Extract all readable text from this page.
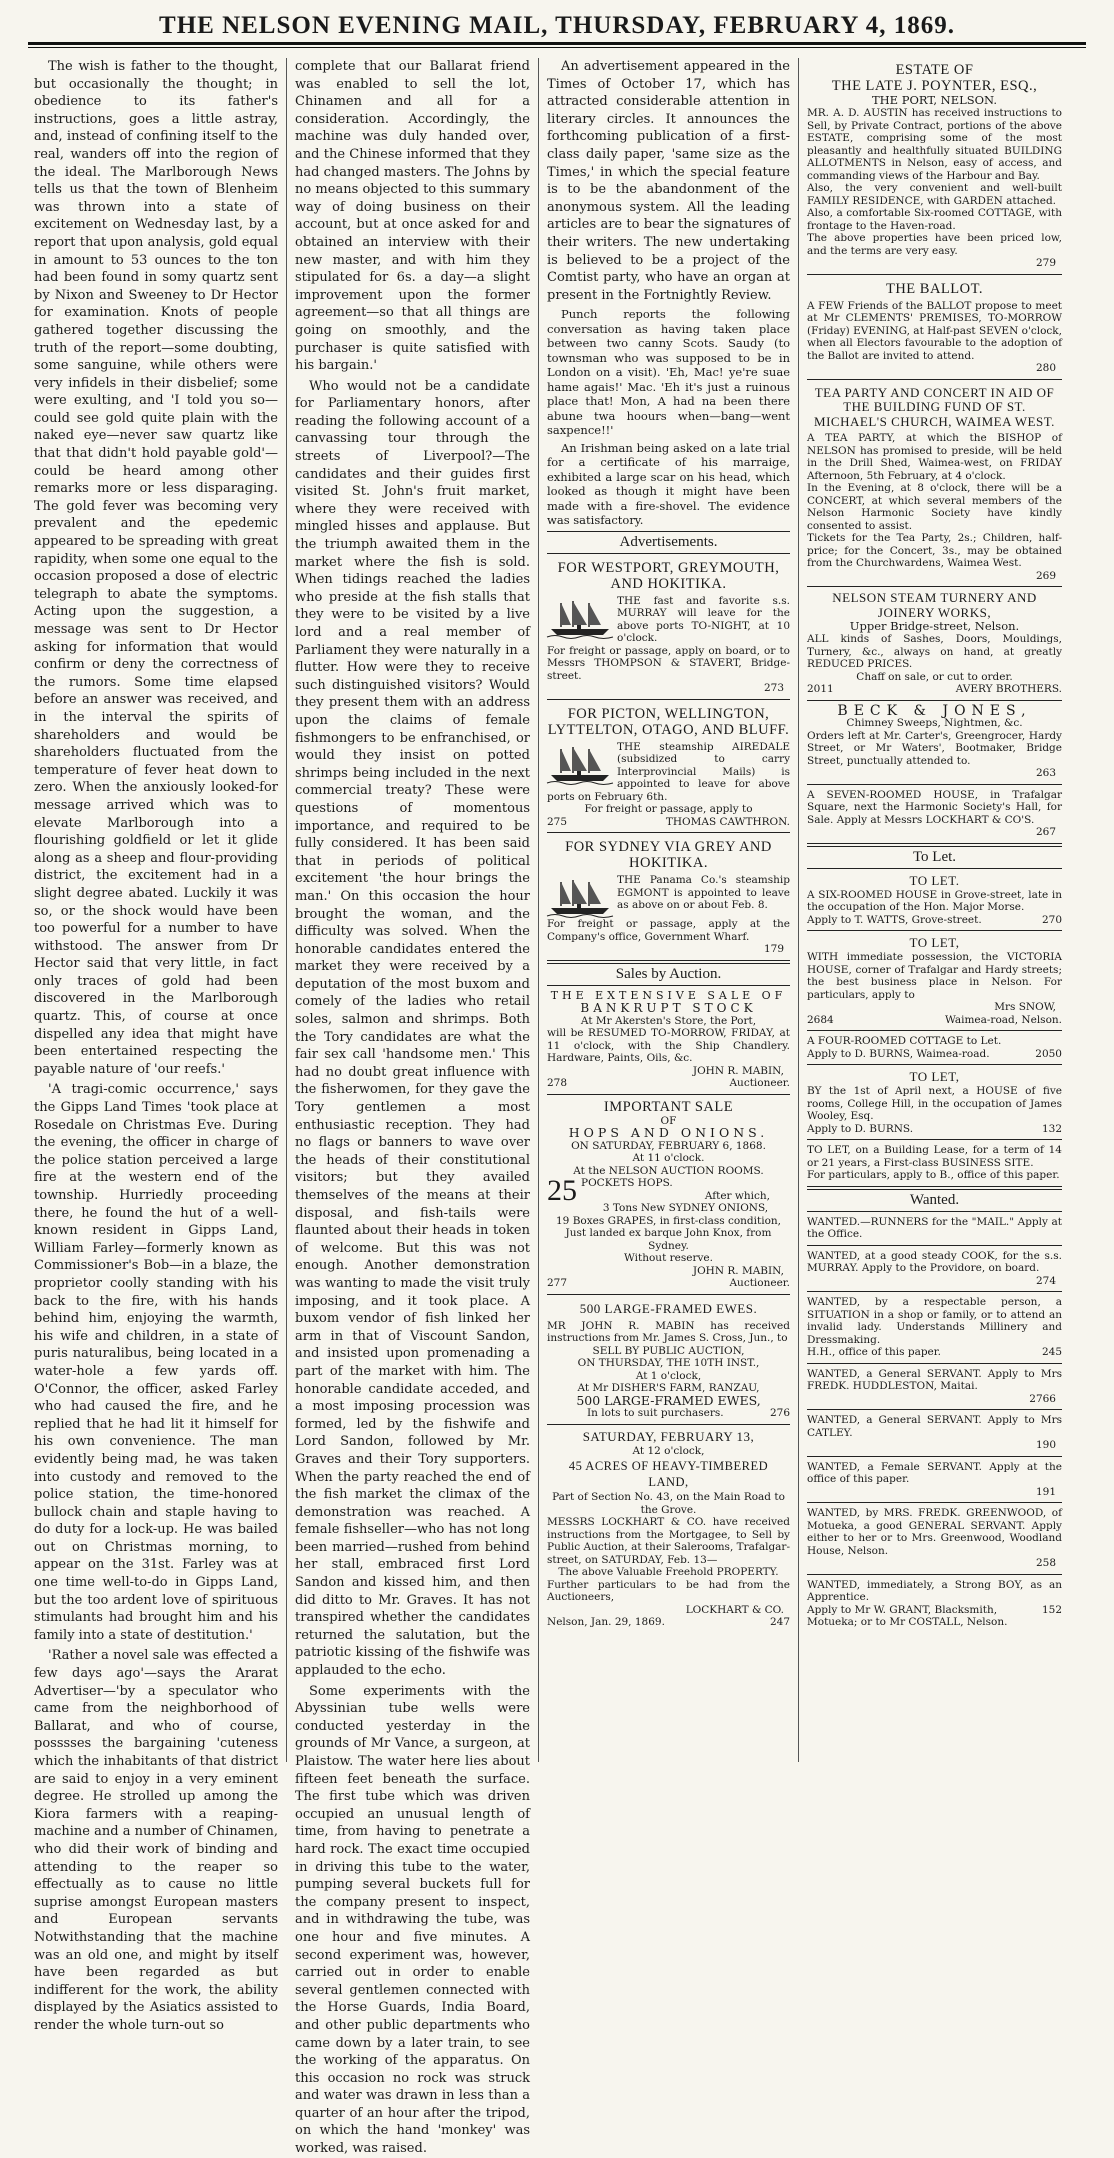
THE NELSON EVENING MAIL, THURSDAY, FEBRUARY 4, 1869.

The wish is father to the thought, but occasionally the thought; in obedience to its father's instructions, goes a little astray, and, instead of confining itself to the real, wanders off into the region of the ideal. The Marlborough News tells us that the town of Blenheim was thrown into a state of excitement on Wednesday last, by a report that upon analysis, gold equal in amount to 53 ounces to the ton had been found in somy quartz sent by Nixon and Sweeney to Dr Hector for examination. Knots of people gathered together discussing the truth of the report—some doubting, some sanguine, while others were very infidels in their disbelief; some were exulting, and 'I told you so—could see gold quite plain with the naked eye—never saw quartz like that that didn't hold payable gold'—could be heard among other remarks more or less disparaging. The gold fever was becoming very prevalent and the epedemic appeared to be spreading with great rapidity, when some one equal to the occasion proposed a dose of electric telegraph to abate the symptoms. Acting upon the suggestion, a message was sent to Dr Hector asking for information that would confirm or deny the correctness of the rumors. Some time elapsed before an answer was received, and in the interval the spirits of shareholders and would be shareholders fluctuated from the temperature of fever heat down to zero. When the anxiously looked-for message arrived which was to elevate Marlborough into a flourishing goldfield or let it glide along as a sheep and flour-providing district, the excitement had in a slight degree abated. Luckily it was so, or the shock would have been too powerful for a number to have withstood. The answer from Dr Hector said that very little, in fact only traces of gold had been discovered in the Marlborough quartz. This, of course at once dispelled any idea that might have been entertained respecting the payable nature of 'our reefs.'

'A tragi-comic occurrence,' says the Gipps Land Times 'took place at Rosedale on Christmas Eve. During the evening, the officer in charge of the police station perceived a large fire at the western end of the township. Hurriedly proceeding there, he found the hut of a well-known resident in Gipps Land, William Farley—formerly known as Commissioner's Bob—in a blaze, the proprietor coolly standing with his back to the fire, with his hands behind him, enjoying the warmth, his wife and children, in a state of puris naturalibus, being located in a water-hole a few yards off. O'Connor, the officer, asked Farley who had caused the fire, and he replied that he had lit it himself for his own convenience. The man evidently being mad, he was taken into custody and removed to the police station, the time-honored bullock chain and staple having to do duty for a lock-up. He was bailed out on Christmas morning, to appear on the 31st. Farley was at one time well-to-do in Gipps Land, but the too ardent love of spirituous stimulants had brought him and his family into a state of destitution.'

'Rather a novel sale was effected a few days ago'—says the Ararat Advertiser—'by a speculator who came from the neighborhood of Ballarat, and who of course, posssses the bargaining 'cuteness which the inhabitants of that district are said to enjoy in a very eminent degree. He strolled up among the Kiora farmers with a reaping-machine and a number of Chinamen, who did their work of binding and attending to the reaper so effectually as to cause no little suprise amongst European masters and European servants Notwithstanding that the machine was an old one, and might by itself have been regarded as but indifferent for the work, the ability displayed by the Asiatics assisted to render the whole turn-out so

complete that our Ballarat friend was enabled to sell the lot, Chinamen and all for a consideration. Accordingly, the machine was duly handed over, and the Chinese informed that they had changed masters. The Johns by no means objected to this summary way of doing business on their account, but at once asked for and obtained an interview with their new master, and with him they stipulated for 6s. a day—a slight improvement upon the former agreement—so that all things are going on smoothly, and the purchaser is quite satisfied with his bargain.'

Who would not be a candidate for Parliamentary honors, after reading the following account of a canvassing tour through the streets of Liverpool?—The candidates and their guides first visited St. John's fruit market, where they were received with mingled hisses and applause. But the triumph awaited them in the market where the fish is sold. When tidings reached the ladies who preside at the fish stalls that they were to be visited by a live lord and a real member of Parliament they were naturally in a flutter. How were they to receive such distinguished visitors? Would they present them with an address upon the claims of female fishmongers to be enfranchised, or would they insist on potted shrimps being included in the next commercial treaty? These were questions of momentous importance, and required to be fully considered. It has been said that in periods of political excitement 'the hour brings the man.' On this occasion the hour brought the woman, and the difficulty was solved. When the honorable candidates entered the market they were received by a deputation of the most buxom and comely of the ladies who retail soles, salmon and shrimps. Both the Tory candidates are what the fair sex call 'handsome men.' This had no doubt great influence with the fisherwomen, for they gave the Tory gentlemen a most enthusiastic reception. They had no flags or banners to wave over the heads of their constitutional visitors; but they availed themselves of the means at their disposal, and fish-tails were flaunted about their heads in token of welcome. But this was not enough. Another demonstration was wanting to made the visit truly imposing, and it took place. A buxom vendor of fish linked her arm in that of Viscount Sandon, and insisted upon promenading a part of the market with him. The honorable candidate acceded, and a most imposing procession was formed, led by the fishwife and Lord Sandon, followed by Mr. Graves and their Tory supporters. When the party reached the end of the fish market the climax of the demonstration was reached. A female fishseller—who has not long been married—rushed from behind her stall, embraced first Lord Sandon and kissed him, and then did ditto to Mr. Graves. It has not transpired whether the candidates returned the salutation, but the patriotic kissing of the fishwife was applauded to the echo.

Some experiments with the Abyssinian tube wells were conducted yesterday in the grounds of Mr Vance, a surgeon, at Plaistow. The water here lies about fifteen feet beneath the surface. The first tube which was driven occupied an unusual length of time, from having to penetrate a hard rock. The exact time occupied in driving this tube to the water, pumping several buckets full for the company present to inspect, and in withdrawing the tube, was one hour and five minutes. A second experiment was, however, carried out in order to enable several gentlemen connected with the Horse Guards, India Board, and other public departments who came down by a later train, to see the working of the apparatus. On this occasion no rock was struck and water was drawn in less than a quarter of an hour after the tripod, on which the hand 'monkey' was worked, was raised.

An advertisement appeared in the Times of October 17, which has attracted considerable attention in literary circles. It announces the forthcoming publication of a first-class daily paper, 'same size as the Times,' in which the special feature is to be the abandonment of the anonymous system. All the leading articles are to bear the signatures of their writers. The new undertaking is believed to be a project of the Comtist party, who have an organ at present in the Fortnightly Review.

Punch reports the following conversation as having taken place between two canny Scots. Saudy (to townsman who was supposed to be in London on a visit). 'Eh, Mac! ye're suae hame agais!' Mac. 'Eh it's just a ruinous place that! Mon, A had na been there abune twa hoours when—bang—went saxpence!!'

An Irishman being asked on a late trial for a certificate of his marraige, exhibited a large scar on his head, which looked as though it might have been made with a fire-shovel. The evidence was satisfactory.

Advertisements.
FOR WESTPORT, GREYMOUTH, AND HOKITIKA.

THE fast and favorite s.s. MURRAY will leave for the above ports TO-NIGHT, at 10 o'clock.

For freight or passage, apply on board, or to Messrs THOMPSON & STAVERT, Bridge-street.

273
FOR PICTON, WELLINGTON, LYTTELTON, OTAGO, AND BLUFF.

THE steamship AIREDALE (subsidized to carry Interprovincial Mails) is appointed to leave for above ports on February 6th.

For freight or passage, apply to

275	THOMAS CAWTHRON.
FOR SYDNEY VIA GREY AND HOKITIKA.

THE Panama Co.'s steamship EGMONT is appointed to leave as above on or about Feb. 8.

For freight or passage, apply at the Company's office, Government Wharf.

179
Sales by Auction.
THE EXTENSIVE SALE OF
BANKRUPT STOCK
At Mr Akersten's Store, the Port,

will be RESUMED TO-MORROW, FRIDAY, at 11 o'clock, with the Ship Chandlery. Hardware, Paints, Oils, &c.

JOHN R. MABIN,
278	Auctioneer.
IMPORTANT SALE
OF
HOPS AND ONIONS.
ON SATURDAY, FEBRUARY 6, 1868.
At 11 o'clock.
At the NELSON AUCTION ROOMS.
25 POCKETS HOPS.
After which,
3 Tons New SYDNEY ONIONS,
19 Boxes GRAPES, in first-class condition,
Just landed ex barque John Knox, from Sydney.
Without reserve.
JOHN R. MABIN,
277	Auctioneer.
500 LARGE-FRAMED EWES.

MR JOHN R. MABIN has received instructions from Mr. James S. Cross, Jun., to

SELL BY PUBLIC AUCTION,
ON THURSDAY, THE 10TH INST.,
At 1 o'clock,
At Mr DISHER'S FARM, RANZAU,
500 LARGE-FRAMED EWES,
In lots to suit purchasers.	276
SATURDAY, FEBRUARY 13,
At 12 o'clock,
45 ACRES OF HEAVY-TIMBERED LAND,
Part of Section No. 43, on the Main Road to the Grove.

MESSRS LOCKHART & CO. have received instructions from the Mortgagee, to Sell by Public Auction, at their Salerooms, Trafalgar-street, on SATURDAY, Feb. 13—

The above Valuable Freehold PROPERTY.

Further particulars to be had from the Auctioneers,

LOCKHART & CO.
Nelson, Jan. 29, 1869.	247
ESTATE OF
THE LATE J. POYNTER, ESQ.,
THE PORT, NELSON.

MR. A. D. AUSTIN has received instructions to Sell, by Private Contract, portions of the above ESTATE, comprising some of the most pleasantly and healthfully situated BUILDING ALLOTMENTS in Nelson, easy of access, and commanding views of the Harbour and Bay.

Also, the very convenient and well-built FAMILY RESIDENCE, with GARDEN attached.

Also, a comfortable Six-roomed COTTAGE, with frontage to the Haven-road.

The above properties have been priced low, and the terms are very easy.

279
THE BALLOT.

A FEW Friends of the BALLOT propose to meet at Mr CLEMENTS' PREMISES, TO-MORROW (Friday) EVENING, at Half-past SEVEN o'clock, when all Electors favourable to the adoption of the Ballot are invited to attend.

280
TEA PARTY AND CONCERT IN AID OF THE BUILDING FUND OF ST. MICHAEL'S CHURCH, WAIMEA WEST.

A TEA PARTY, at which the BISHOP of NELSON has promised to preside, will be held in the Drill Shed, Waimea-west, on FRIDAY Afternoon, 5th February, at 4 o'clock.

In the Evening, at 8 o'clock, there will be a CONCERT, at which several members of the Nelson Harmonic Society have kindly consented to assist.

Tickets for the Tea Party, 2s.; Children, half-price; for the Concert, 3s., may be obtained from the Churchwardens, Waimea West.

269
NELSON STEAM TURNERY AND JOINERY WORKS,
Upper Bridge-street, Nelson.

ALL kinds of Sashes, Doors, Mouldings, Turnery, &c., always on hand, at greatly REDUCED PRICES.

Chaff on sale, or cut to order.
2011	AVERY BROTHERS.
BECK & JONES,
Chimney Sweeps, Nightmen, &c.

Orders left at Mr. Carter's, Greengrocer, Hardy Street, or Mr Waters', Bootmaker, Bridge Street, punctually attended to.

263

A SEVEN-ROOMED HOUSE, in Trafalgar Square, next the Harmonic Society's Hall, for Sale. Apply at Messrs LOCKHART & CO'S.

267
To Let.
TO LET.

A SIX-ROOMED HOUSE in Grove-street, late in the occupation of the Hon. Major Morse.

Apply to T. WATTS, Grove-street.	270
TO LET,

WITH immediate possession, the VICTORIA HOUSE, corner of Trafalgar and Hardy streets; the best business place in Nelson. For particulars, apply to

Mrs SNOW,
2684	Waimea-road, Nelson.

A FOUR-ROOMED COTTAGE to Let.

Apply to D. BURNS, Waimea-road.	2050
TO LET,

BY the 1st of April next, a HOUSE of five rooms, College Hill, in the occupation of James Wooley, Esq.

Apply to D. BURNS.	132

TO LET, on a Building Lease, for a term of 14 or 21 years, a First-class BUSINESS SITE.

For particulars, apply to B., office of this paper.

Wanted.

WANTED.—RUNNERS for the "MAIL." Apply at the Office.

WANTED, at a good steady COOK, for the s.s. MURRAY. Apply to the Providore, on board.

274

WANTED, by a respectable person, a SITUATION in a shop or family, or to attend an invalid lady. Understands Millinery and Dressmaking.

H.H., office of this paper.	245

WANTED, a General SERVANT. Apply to Mrs FREDK. HUDDLESTON, Maitai.

2766

WANTED, a General SERVANT. Apply to Mrs CATLEY.

190

WANTED, a Female SERVANT. Apply at the office of this paper.

191

WANTED, by MRS. FREDK. GREENWOOD, of Motueka, a good GENERAL SERVANT. Apply either to her or to Mrs. Greenwood, Woodland House, Nelson.

258

WANTED, immediately, a Strong BOY, as an Apprentice.

Apply to Mr W. GRANT, Blacksmith, Motueka; or to Mr COSTALL, Nelson.
152
